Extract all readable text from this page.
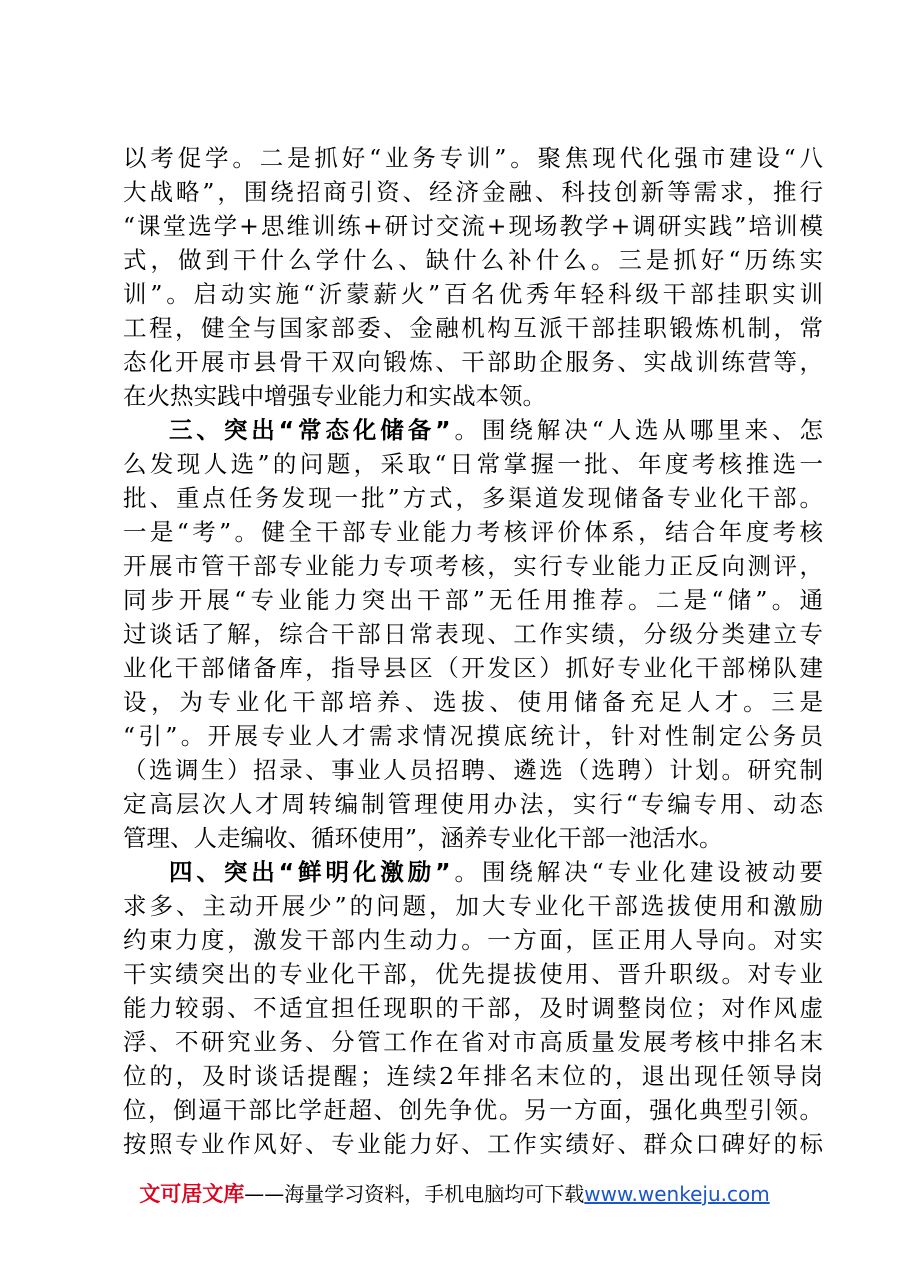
以考促学。二是抓好“业务专训”。聚焦现代化强市建设“八
大战略”，围绕招商引资、经济金融、科技创新等需求，推行
“课堂选学+思维训练+研讨交流+现场教学+调研实践”培训模
式，做到干什么学什么、缺什么补什么。三是抓好“历练实
训”。启动实施“沂蒙薪火”百名优秀年轻科级干部挂职实训
工程，健全与国家部委、金融机构互派干部挂职锻炼机制，常
态化开展市县骨干双向锻炼、干部助企服务、实战训练营等，
在火热实践中增强专业能力和实战本领。
三、突出“常态化储备”。围绕解决“人选从哪里来、怎
么发现人选”的问题，采取“日常掌握一批、年度考核推选一
批、重点任务发现一批”方式，多渠道发现储备专业化干部。
一是“考”。健全干部专业能力考核评价体系，结合年度考核
开展市管干部专业能力专项考核，实行专业能力正反向测评，
同步开展“专业能力突出干部”无任用推荐。二是“储”。通
过谈话了解，综合干部日常表现、工作实绩，分级分类建立专
业化干部储备库，指导县区（开发区）抓好专业化干部梯队建
设，为专业化干部培养、选拔、使用储备充足人才。三是
“引”。开展专业人才需求情况摸底统计，针对性制定公务员
（选调生）招录、事业人员招聘、遴选（选聘）计划。研究制
定高层次人才周转编制管理使用办法，实行“专编专用、动态
管理、人走编收、循环使用”，涵养专业化干部一池活水。
四、突出“鲜明化激励”。围绕解决“专业化建设被动要
求多、主动开展少”的问题，加大专业化干部选拔使用和激励
约束力度，激发干部内生动力。一方面，匡正用人导向。对实
干实绩突出的专业化干部，优先提拔使用、晋升职级。对专业
能力较弱、不适宜担任现职的干部，及时调整岗位；对作风虚
浮、不研究业务、分管工作在省对市高质量发展考核中排名末
位的，及时谈话提醒；连续2年排名末位的，退出现任领导岗
位，倒逼干部比学赶超、创先争优。另一方面，强化典型引领。
按照专业作风好、专业能力好、工作实绩好、群众口碑好的标
文可居文库——海量学习资料，手机电脑均可下载www.wenkeju.com
